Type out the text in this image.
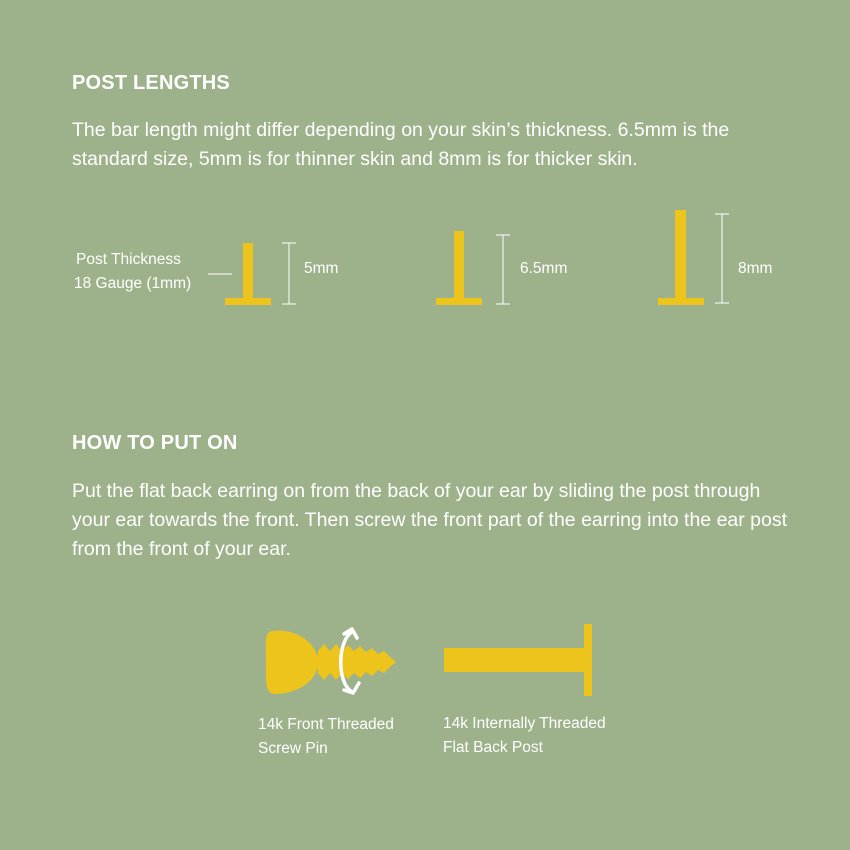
POST LENGTHS

The bar length might differ depending on your skin’s thickness. 6.5mm is the standard size, 5mm is for thinner skin and 8mm is for thicker skin.

Post Thickness
18 Gauge (1mm)
5mm	6.5mm	8mm
HOW TO PUT ON

Put the flat back earring on from the back of your ear by sliding the post through your ear towards the front. Then screw the front part of the earring into the ear post from the front of your ear.

14k Front Threaded
Screw Pin
14k Internally Threaded
Flat Back Post
